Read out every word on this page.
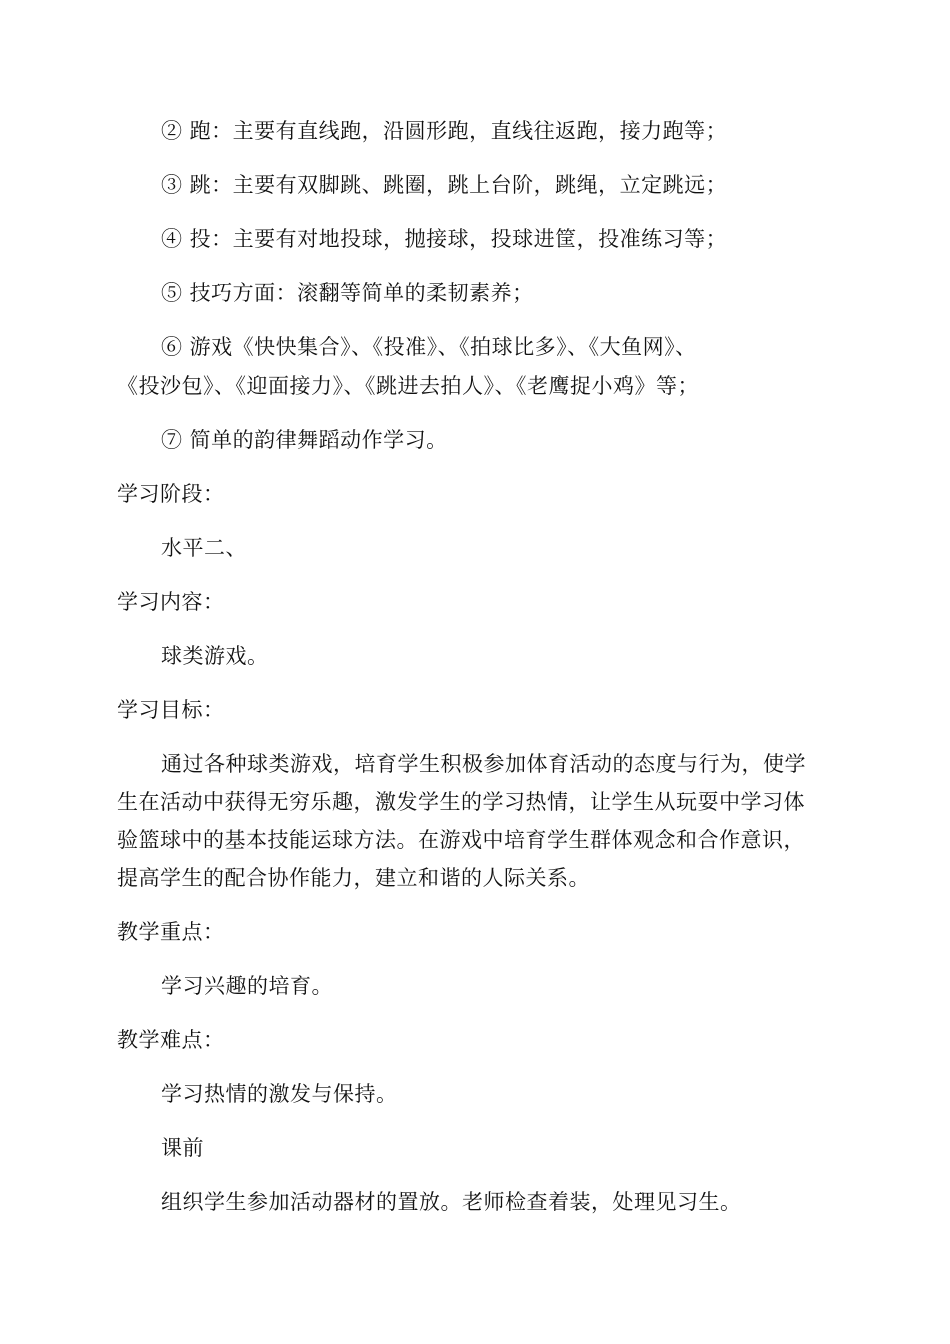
② 跑：主要有直线跑，沿圆形跑，直线往返跑，接力跑等；
③ 跳：主要有双脚跳、跳圈，跳上台阶，跳绳，立定跳远；
④ 投：主要有对地投球，抛接球，投球进筐，投准练习等；
⑤ 技巧方面：滚翻等简单的柔韧素养；
⑥ 游戏《快快集合》、《投准》、《拍球比多》、《大鱼网》、
《投沙包》、《迎面接力》、《跳进去拍人》、《老鹰捉小鸡》等；
⑦ 简单的韵律舞蹈动作学习。
学习阶段：
水平二、
学习内容：
球类游戏。
学习目标：
通过各种球类游戏，培育学生积极参加体育活动的态度与行为，使学
生在活动中获得无穷乐趣，激发学生的学习热情，让学生从玩耍中学习体
验篮球中的基本技能运球方法。在游戏中培育学生群体观念和合作意识，
提高学生的配合协作能力，建立和谐的人际关系。
教学重点：
学习兴趣的培育。
教学难点：
学习热情的激发与保持。
课前
组织学生参加活动器材的置放。老师检查着装，处理见习生。
